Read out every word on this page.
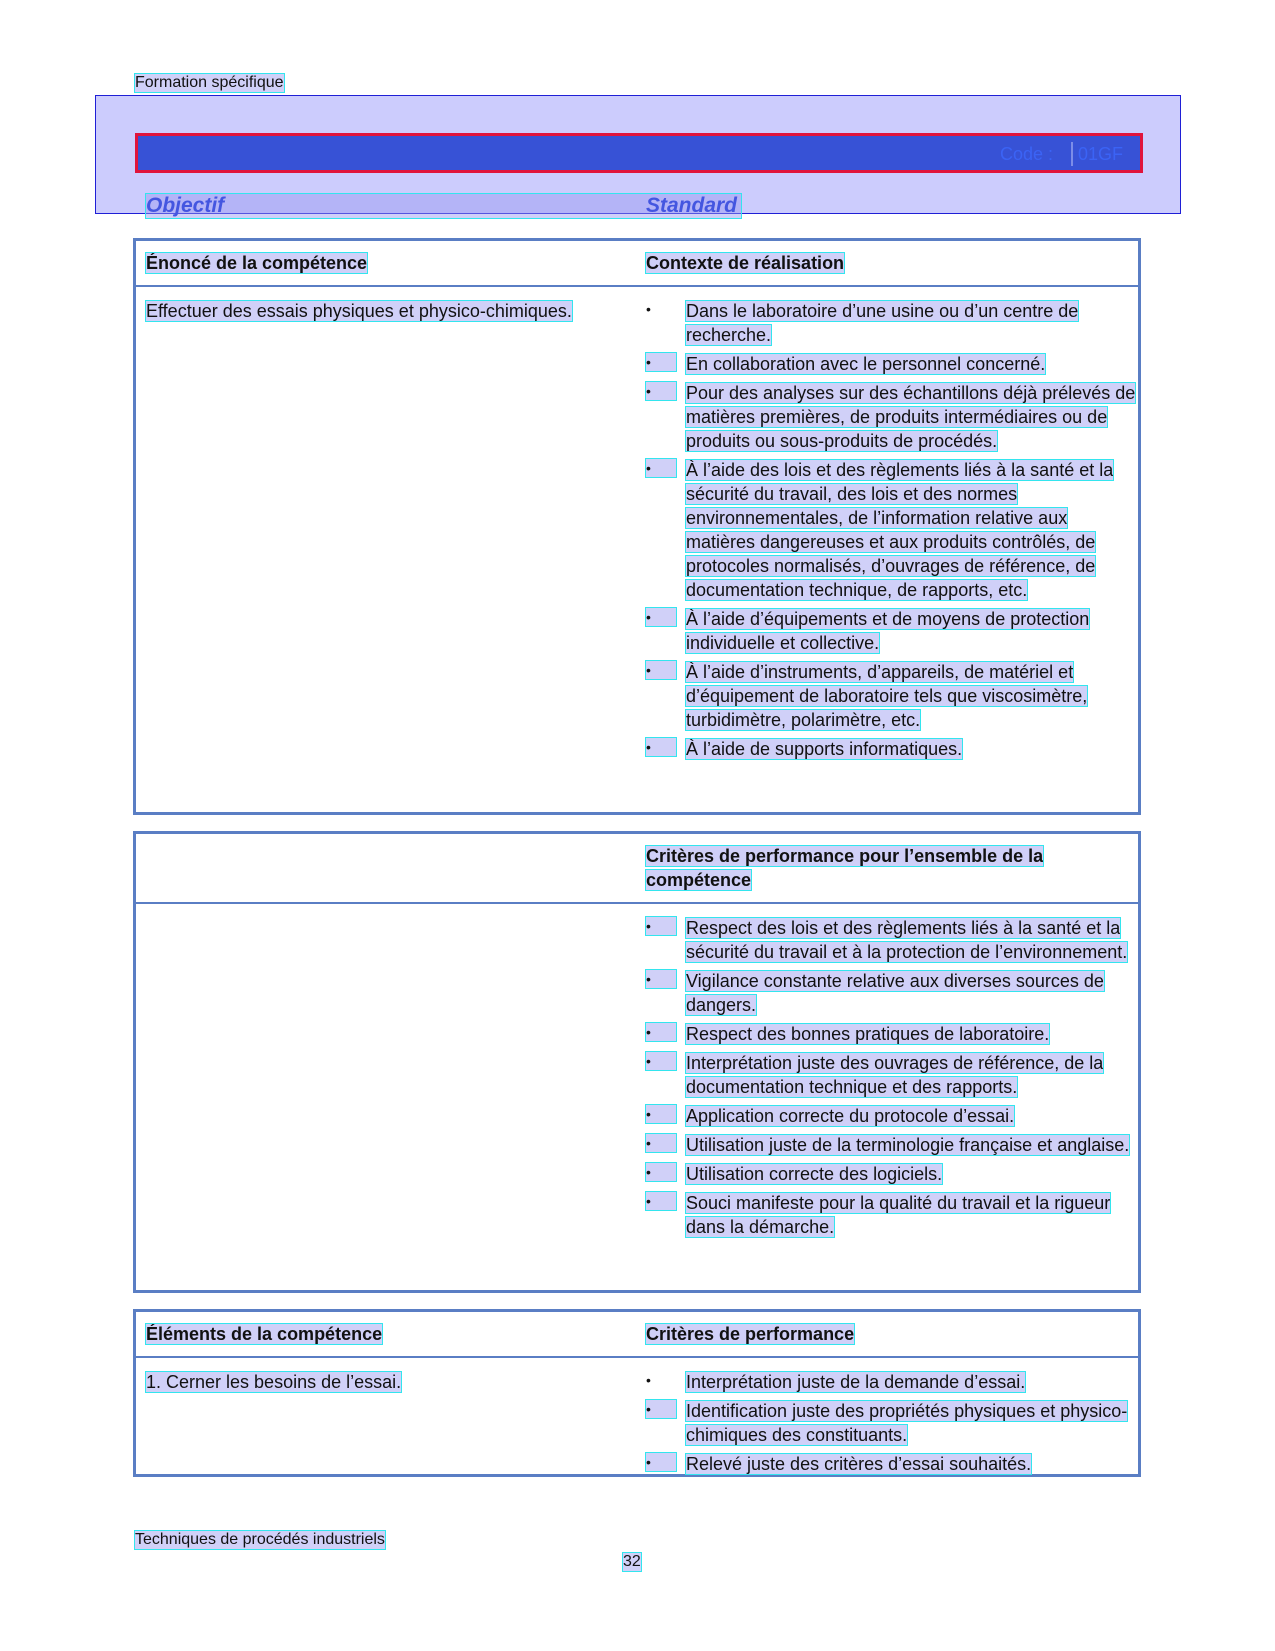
Formation spécifique
Code : 01GF
Objectif	Standard
Énoncé de la compétence	Contexte de réalisation
Effectuer des essais physiques et physico-chimiques.	•	Dans le laboratoire d’une usine ou d’un centre de recherche.
•	En collaboration avec le personnel concerné.
•	Pour des analyses sur des échantillons déjà prélevés de matières premières, de produits intermédiaires ou de produits ou sous-produits de procédés.
•	À l’aide des lois et des règlements liés à la santé et la sécurité du travail, des lois et des normes environnementales, de l’information relative aux matières dangereuses et aux produits contrôlés, de protocoles normalisés, d’ouvrages de référence, de documentation technique, de rapports, etc.
•	À l’aide d’équipements et de moyens de protection individuelle et collective.
•	À l’aide d’instruments, d’appareils, de matériel et d’équipement de laboratoire tels que viscosimètre, turbidimètre, polarimètre, etc.
•	À l’aide de supports informatiques.
Critères de performance pour l’ensemble de la compétence
•	Respect des lois et des règlements liés à la santé et la sécurité du travail et à la protection de l’environnement.
•	Vigilance constante relative aux diverses sources de dangers.
•	Respect des bonnes pratiques de laboratoire.
•	Interprétation juste des ouvrages de référence, de la documentation technique et des rapports.
•	Application correcte du protocole d’essai.
•	Utilisation juste de la terminologie française et anglaise.
•	Utilisation correcte des logiciels.
•	Souci manifeste pour la qualité du travail et la rigueur dans la démarche.
Éléments de la compétence	Critères de performance
1. Cerner les besoins de l’essai.	•	Interprétation juste de la demande d’essai.
•	Identification juste des propriétés physiques et physico-chimiques des constituants.
•	Relevé juste des critères d’essai souhaités.
Techniques de procédés industriels
32
